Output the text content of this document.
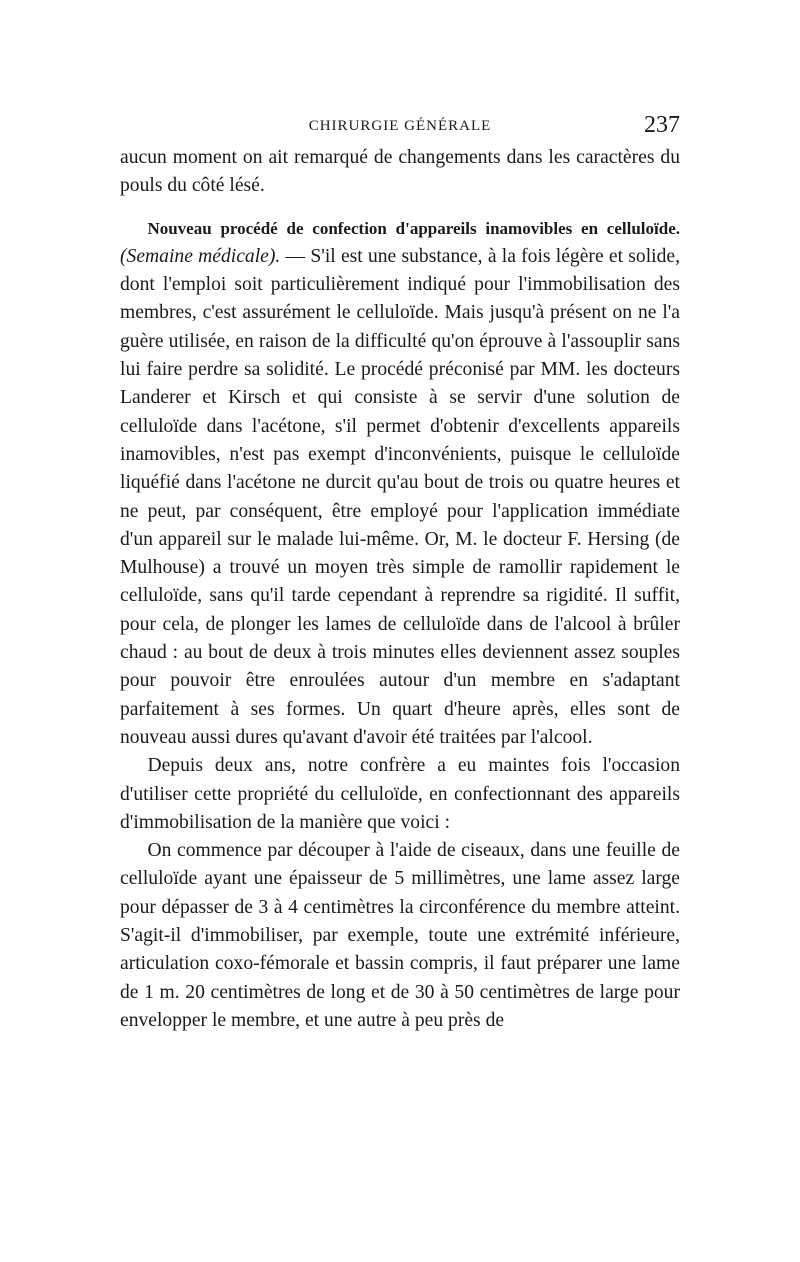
CHIRURGIE GÉNÉRALE	237

aucun moment on ait remarqué de changements dans les caractères du pouls du côté lésé.

Nouveau procédé de confection d'appareils inamovibles en celluloïde. (Semaine médicale). — S'il est une substance, à la fois légère et solide, dont l'emploi soit particulièrement indiqué pour l'immobilisation des membres, c'est assurément le celluloïde. Mais jusqu'à présent on ne l'a guère utilisée, en raison de la difficulté qu'on éprouve à l'assouplir sans lui faire perdre sa solidité. Le procédé préconisé par MM. les docteurs Landerer et Kirsch et qui consiste à se servir d'une solution de celluloïde dans l'acétone, s'il permet d'obtenir d'excellents appareils inamovibles, n'est pas exempt d'inconvénients, puisque le celluloïde liquéfié dans l'acétone ne durcit qu'au bout de trois ou quatre heures et ne peut, par conséquent, être employé pour l'application immédiate d'un appareil sur le malade lui-même. Or, M. le docteur F. Hersing (de Mulhouse) a trouvé un moyen très simple de ramollir rapidement le celluloïde, sans qu'il tarde cependant à reprendre sa rigidité. Il suffit, pour cela, de plonger les lames de celluloïde dans de l'alcool à brûler chaud : au bout de deux à trois minutes elles deviennent assez souples pour pouvoir être enroulées autour d'un membre en s'adaptant parfaitement à ses formes. Un quart d'heure après, elles sont de nouveau aussi dures qu'avant d'avoir été traitées par l'alcool.

Depuis deux ans, notre confrère a eu maintes fois l'occasion d'utiliser cette propriété du celluloïde, en confectionnant des appareils d'immobilisation de la manière que voici :

On commence par découper à l'aide de ciseaux, dans une feuille de celluloïde ayant une épaisseur de 5 millimètres, une lame assez large pour dépasser de 3 à 4 centimètres la circonférence du membre atteint. S'agit-il d'immobiliser, par exemple, toute une extrémité inférieure, articulation coxo-fémorale et bassin compris, il faut préparer une lame de 1 m. 20 centimètres de long et de 30 à 50 centimètres de large pour envelopper le membre, et une autre à peu près de
